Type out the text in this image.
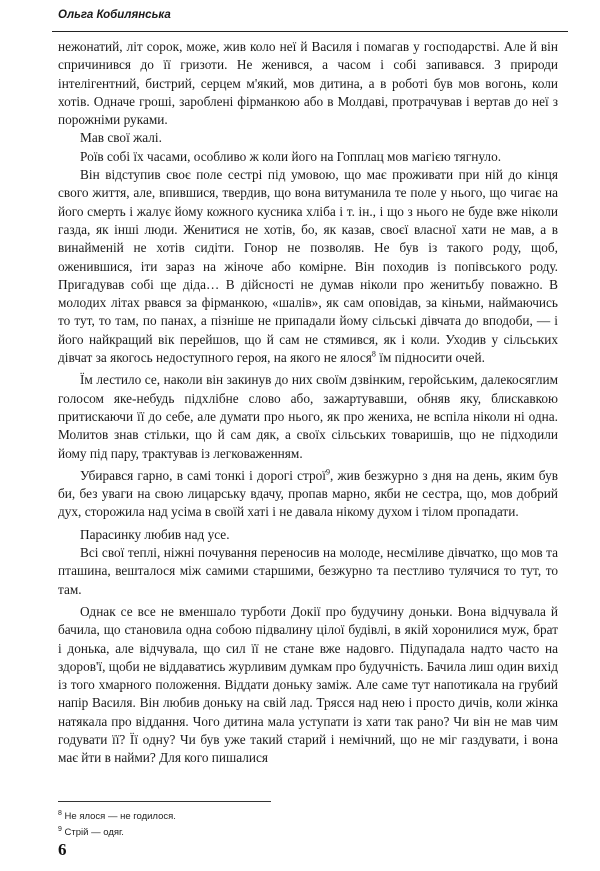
Ольга Кобилянська

нежонатий, літ сорок, може, жив коло неї й Василя і помагав у господарстві. Але й він спричинився до її гризоти. Не женився, а часом і собі запивався. З природи інтелігентний, бистрий, серцем м'який, мов дитина, а в роботі був мов вогонь, коли хотів. Одначе гроші, зароблені фірманкою або в Молдаві, протрачував і вертав до неї з порожніми руками.

Мав свої жалі.

Роїв собі їх часами, особливо ж коли його на Гопплац мов магією тягнуло.

Він відступив своє поле сестрі під умовою, що має проживати при ній до кінця свого життя, але, впившися, твердив, що вона витуманила те поле у нього, що чигає на його смерть і жалує йому кожного кусника хліба і т. ін., і що з нього не буде вже ніколи газда, як інші люди. Женитися не хотів, бо, як казав, своєї власної хати не мав, а в винайменій не хотів сидіти. Гонор не позволяв. Не був із такого роду, щоб, оженившися, іти зараз на жіноче або комірне. Він походив із попівського роду. Пригадував собі ще діда… В дійсності не думав ніколи про женитьбу поважно. В молодих літах рвався за фірманкою, «шалів», як сам оповідав, за кіньми, наймаючись то тут, то там, по панах, а пізніше не припадали йому сільські дівчата до вподоби, — і його найкращий вік перейшов, що й сам не стямився, як і коли. Уходив у сільських дівчат за якогось недоступного героя, на якого не ялося$^8$ їм підносити очей.

Їм лестило се, наколи він закинув до них своїм дзвінким, геройським, далекосяглим голосом яке-небудь підхлібне слово або, зажартувавши, обняв яку, блискавкою притискаючи її до себе, але думати про нього, як про жениха, не вспіла ніколи ні одна. Молитов знав стільки, що й сам дяк, а своїх сільських товаришів, що не підходили йому під пару, трактував із легковаженням.

Убирався гарно, в самі тонкі і дорогі строї$^9$, жив безжурно з дня на день, яким був би, без уваги на свою лицарську вдачу, пропав марно, якби не сестра, що, мов добрий дух, сторожила над усіма в своїй хаті і не давала нікому духом і тілом пропадати.

Парасинку любив над усе.

Всі свої теплі, ніжні почування переносив на молоде, несміливе дівчатко, що мов та пташина, вешталося між самими старшими, безжурно та пестливо тулячися то тут, то там.

Однак се все не вменшало турботи Докії про будучину доньки. Вона відчувала й бачила, що становила одна собою підвалину цілої будівлі, в якій хоронилися муж, брат і донька, але відчувала, що сил її не стане вже надовго. Підупадала надто часто на здоров'ї, щоби не віддаватись журливим думкам про будучність. Бачила лиш один вихід із того хмарного положення. Віддати доньку заміж. Але саме тут напотикала на грубий напір Василя. Він любив доньку на свій лад. Трясся над нею і просто дичів, коли жінка натякала про віддання. Чого дитина мала уступати із хати так рано? Чи він не мав чим годувати її? Її одну? Чи був уже такий старий і немічний, що не міг газдувати, і вона має йти в найми? Для кого пишалися

$^8$ Не ялося — не годилося.
$^9$ Стрій — одяг.
6
